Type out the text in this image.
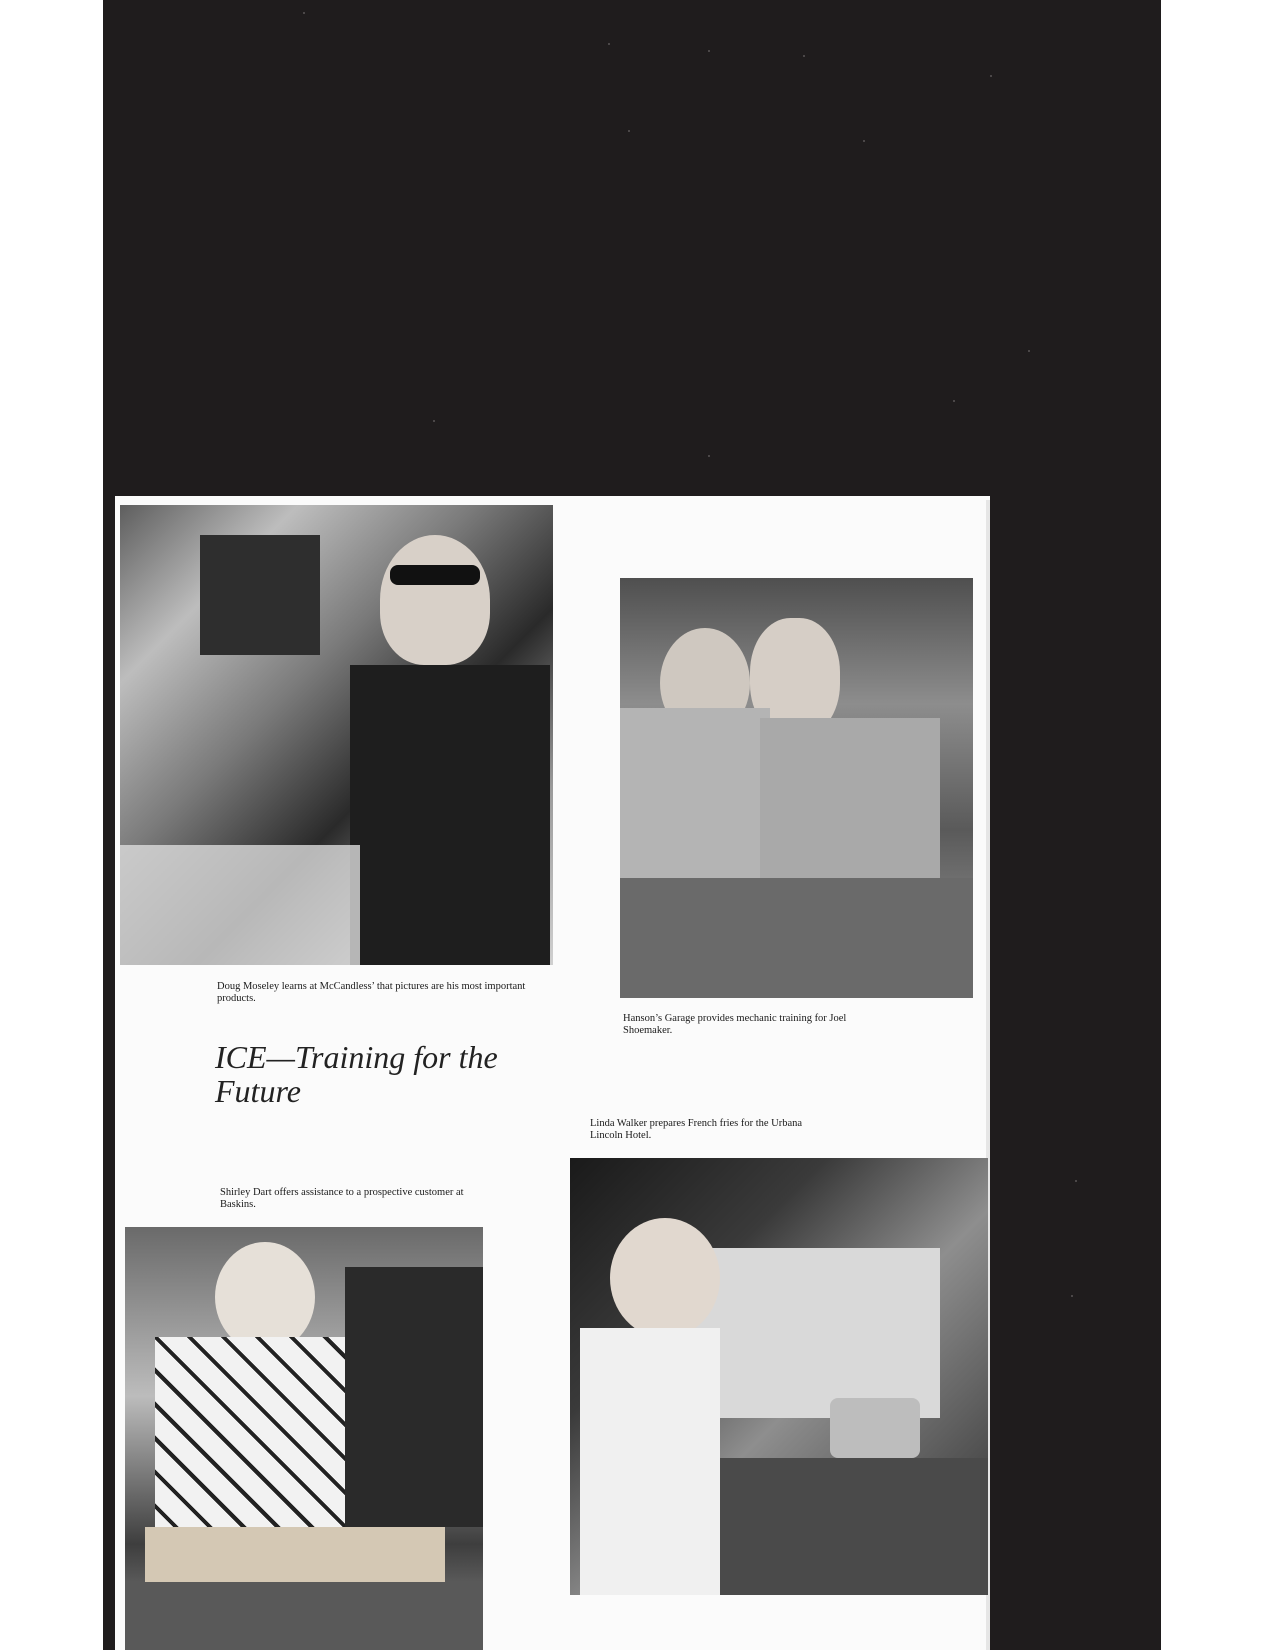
Doug Moseley learns at McCandless’ that pictures are his most important products.

Hanson’s Garage provides mechanic training for Joel Shoemaker.

ICE—Training for the Future

Linda Walker prepares French fries for the Urbana Lincoln Hotel.

Shirley Dart offers assistance to a prospective customer at Baskins.
